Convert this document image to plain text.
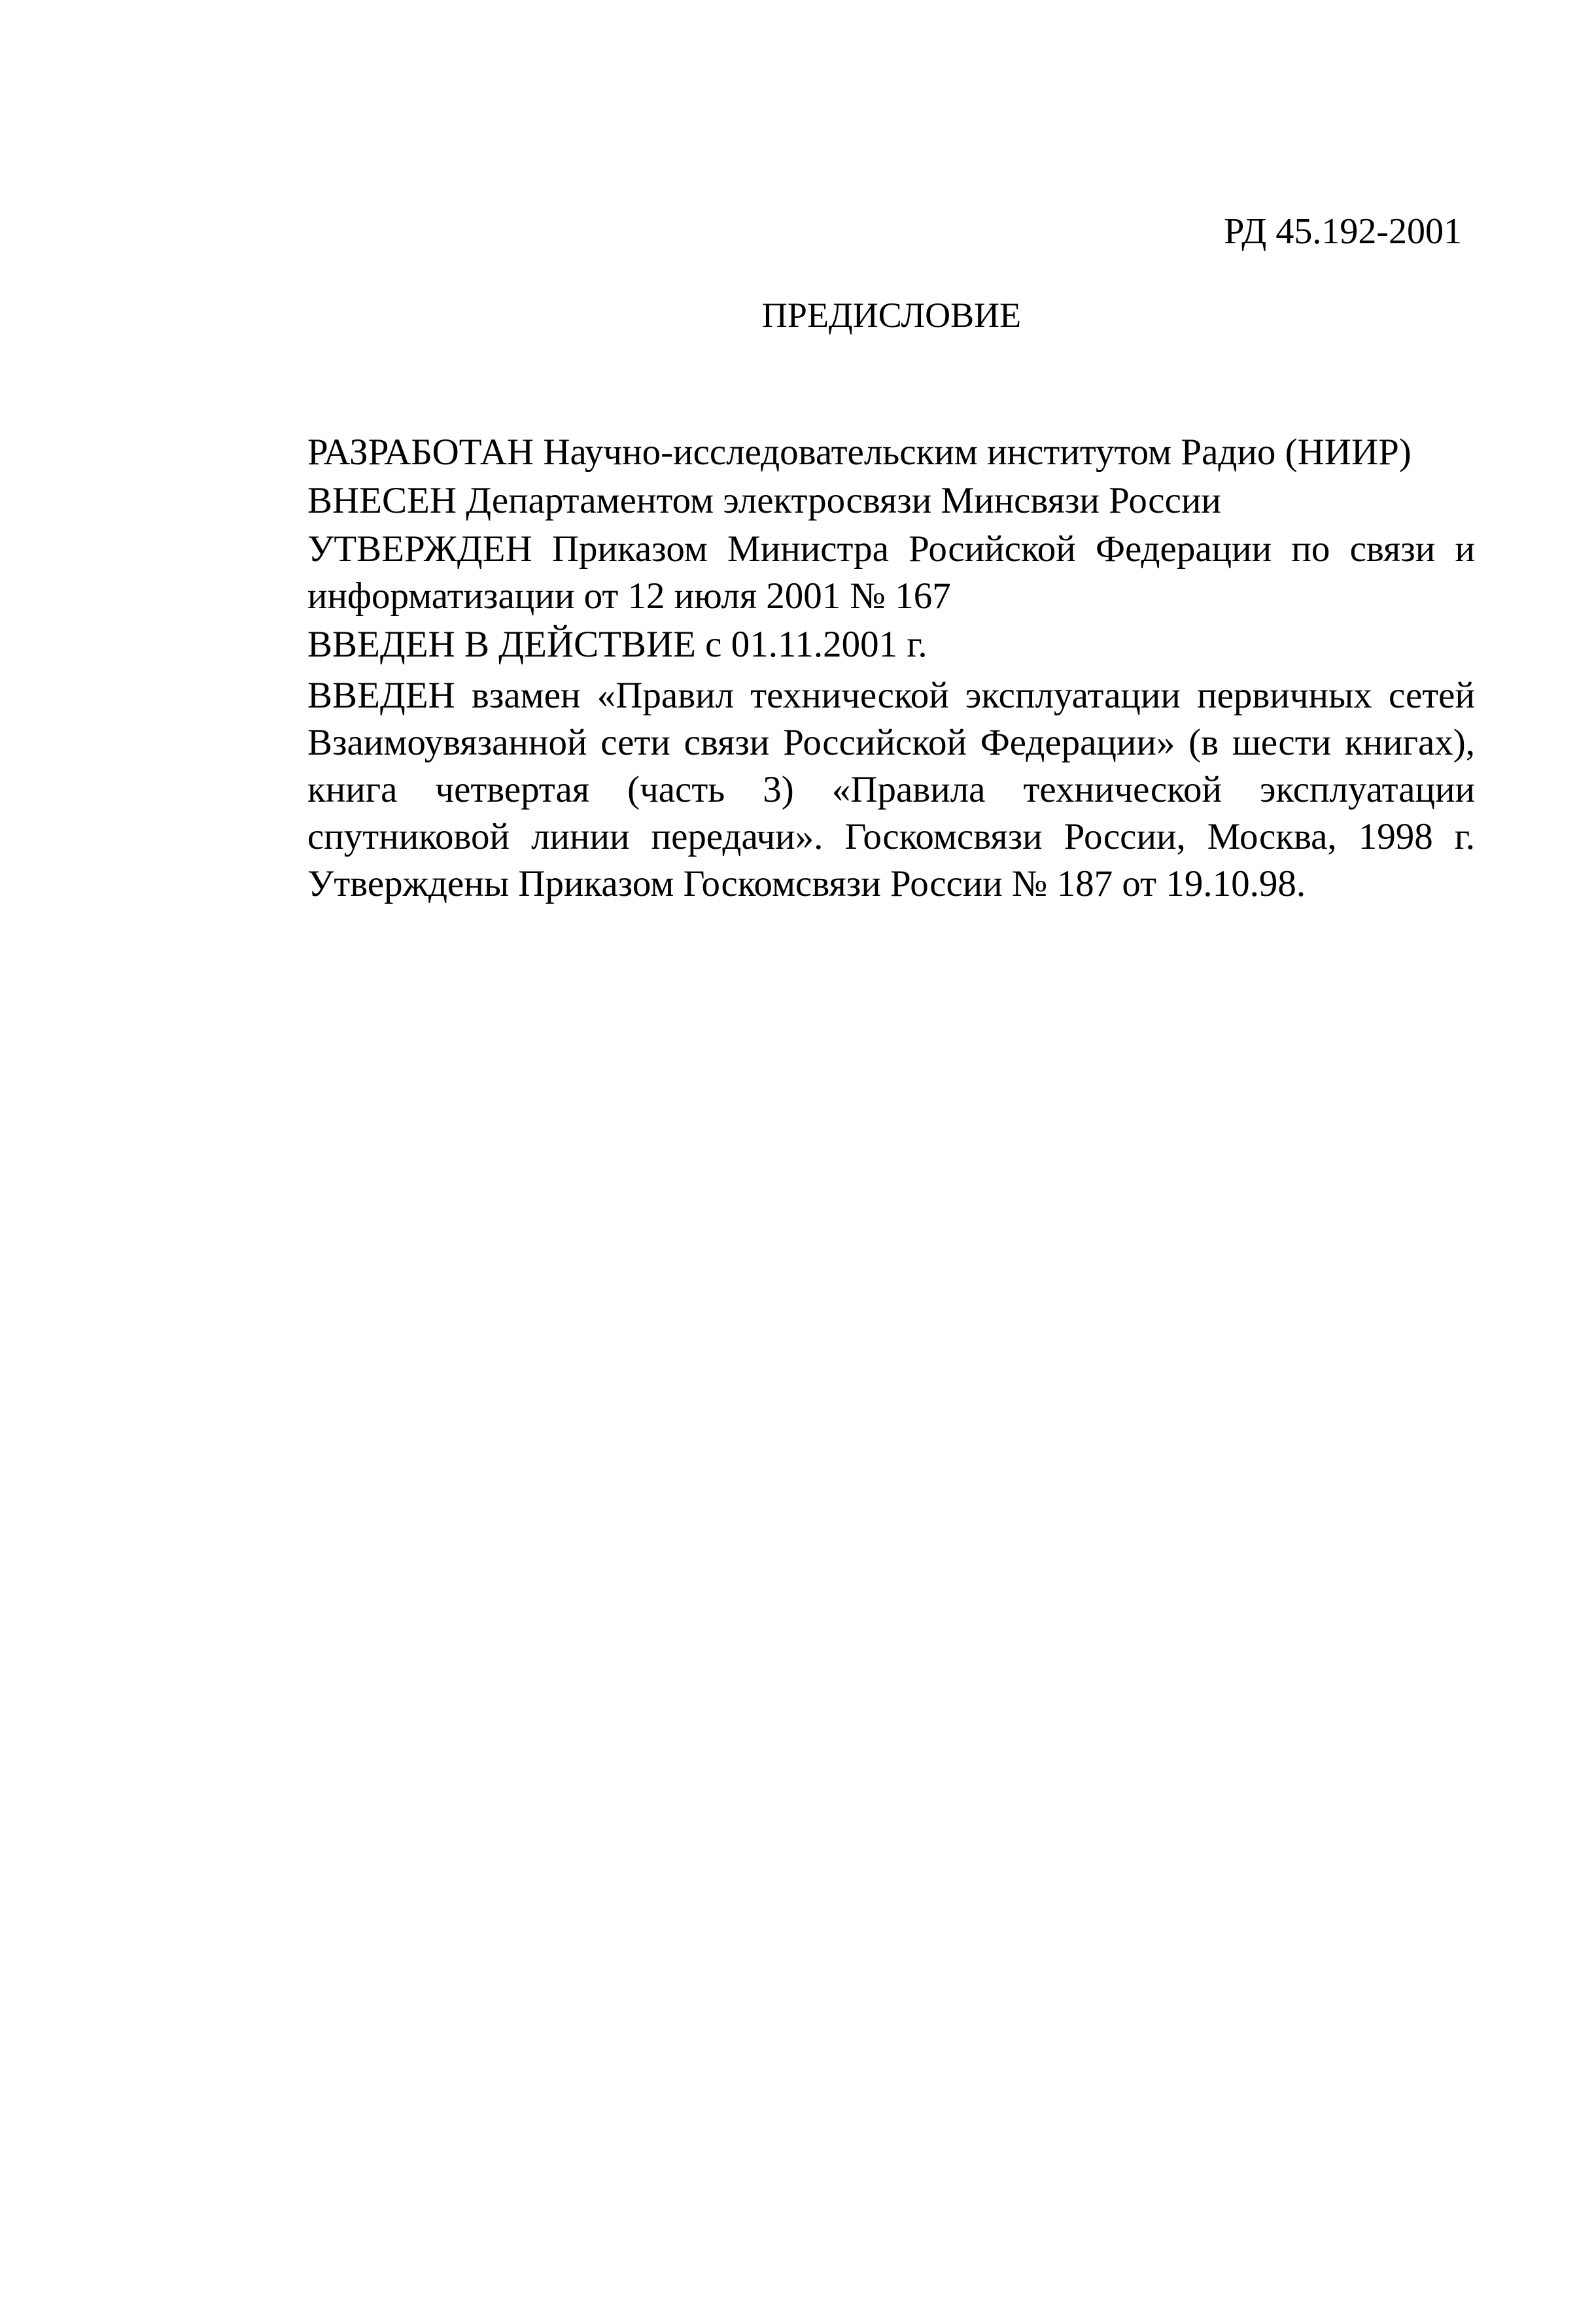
РД 45.192-2001
ПРЕДИСЛОВИЕ

РАЗРАБОТАН Научно-исследовательским институтом Радио (НИИР)

ВНЕСЕН Департаментом электросвязи Минсвязи России

УТВЕРЖДЕН Приказом Министра Росийской Федерации по связи и информатизации от 12 июля 2001 № 167

ВВЕДЕН В ДЕЙСТВИЕ с 01.11.2001 г.

ВВЕДЕН взамен «Правил технической эксплуатации первичных сетей Взаимоувязанной сети связи Российской Федерации» (в шести книгах), книга четвертая (часть 3) «Правила технической эксплуатации спутниковой линии передачи». Госкомсвязи России, Москва, 1998 г. Утверждены Приказом Госкомсвязи России № 187 от 19.10.98.
